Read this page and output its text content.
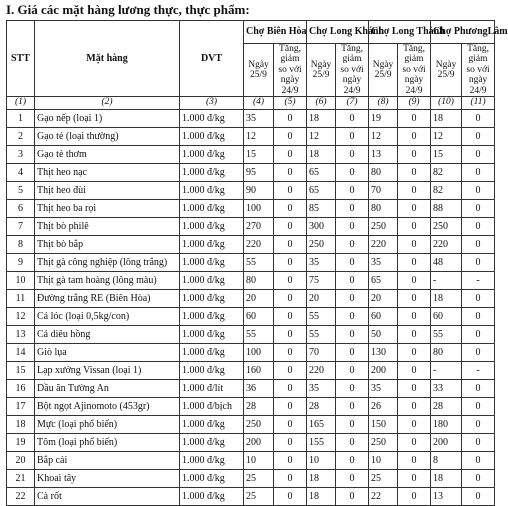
I. Giá các mặt hàng lương thực, thực phẩm:
STT	Mặt hàng	DVT	Chợ Biên Hòa		Chợ Long Khánh		Chợ Long Thành		Chợ PhươngLâm	
			Ngày 25/9	Tăng, giảm so với ngày 24/9	Ngày 25/9	Tăng, giảm so với ngày 24/9	Ngày 25/9	Tăng, giảm so với ngày 24/9	Ngày 25/9	Tăng, giảm so với ngày 24/9
(1)	(2)	(3)	(4)	(5)	(6)	(7)	(8)	(9)	(10)	(11)
1	Gạo nếp (loại 1)	1.000 đ/kg	35	0	18	0	19	0	18	0
2	Gạo tẻ (loại thường)	1.000 đ/kg	12	0	12	0	12	0	12	0
3	Gạo tẻ thơm	1.000 đ/kg	15	0	18	0	13	0	15	0
4	Thịt heo nạc	1.000 đ/kg	95	0	65	0	80	0	82	0
5	Thịt heo đùi	1.000 đ/kg	90	0	65	0	70	0	82	0
6	Thịt heo ba rọi	1.000 đ/kg	100	0	85	0	80	0	88	0
7	Thịt bò philê	1.000 đ/kg	270	0	300	0	250	0	250	0
8	Thịt bò bắp	1.000 đ/kg	220	0	250	0	220	0	220	0
9	Thịt gà công nghiệp (lông trắng)	1.000 đ/kg	55	0	35	0	35	0	48	0
10	Thịt gà tam hoàng (lông màu)	1.000 đ/kg	80	0	75	0	65	0	-	-
11	Đường trắng RE (Biên Hòa)	1.000 đ/kg	20	0	20	0	20	0	18	0
12	Cá lóc (loại 0,5kg/con)	1.000 đ/kg	60	0	55	0	60	0	60	0
13	Cá diêu hồng	1.000 đ/kg	55	0	55	0	50	0	55	0
14	Giò lụa	1.000 đ/kg	100	0	70	0	130	0	80	0
15	Lạp xưởng Vissan (loại 1)	1.000 đ/kg	160	0	220	0	200	0	-	-
16	Dầu ăn Tường An	1.000 đ/lít	36	0	35	0	35	0	33	0
17	Bột ngọt Ajinomoto (453gr)	1.000 đ/bịch	28	0	28	0	26	0	28	0
18	Mực (loại phổ biến)	1.000 đ/kg	250	0	165	0	150	0	180	0
19	Tôm (loại phổ biến)	1.000 đ/kg	200	0	155	0	250	0	200	0
20	Bắp cải	1.000 đ/kg	10	0	10	0	10	0	8	0
21	Khoai tây	1.000 đ/kg	25	0	18	0	25	0	18	0
22	Cà rốt	1.000 đ/kg	25	0	18	0	22	0	13	0
